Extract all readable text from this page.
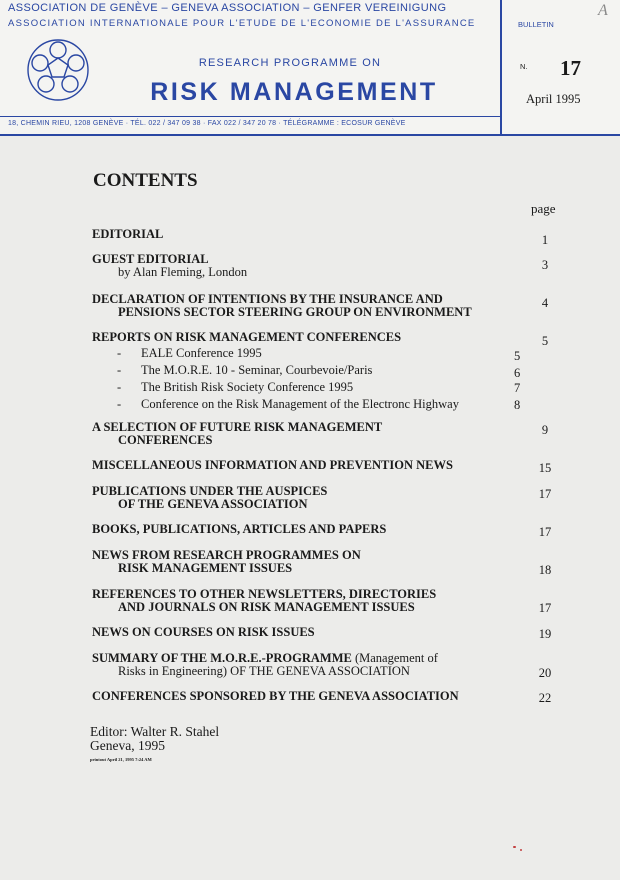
ASSOCIATION DE GENÈVE – GENEVA ASSOCIATION – GENFER VEREINIGUNG
ASSOCIATION INTERNATIONALE POUR L'ETUDE DE L'ECONOMIE DE L'ASSURANCE
RESEARCH PROGRAMME ON
RISK MANAGEMENT
18, CHEMIN RIEU, 1208 GENÈVE · TÉL. 022 / 347 09 38 · FAX 022 / 347 20 78 · TÉLÉGRAMME : ECOSUR GENÈVE
BULLETIN
N. 17
April 1995
A
CONTENTS
page
EDITORIAL	1
GUEST EDITORIAL
by Alan Fleming, London	3
DECLARATION OF INTENTIONS BY THE INSURANCE AND
PENSIONS SECTOR STEERING GROUP ON ENVIRONMENT
4
REPORTS ON RISK MANAGEMENT CONFERENCES	5
- EALE Conference 1995	5
- The M.O.R.E. 10 - Seminar, Courbevoie/Paris	6
- The British Risk Society Conference 1995	7
- Conference on the Risk Management of the Electronc Highway	8
A SELECTION OF FUTURE RISK MANAGEMENT
CONFERENCES
9
MISCELLANEOUS INFORMATION AND PREVENTION NEWS	15
PUBLICATIONS UNDER THE AUSPICES
OF THE GENEVA ASSOCIATION
17
BOOKS, PUBLICATIONS, ARTICLES AND PAPERS	17
NEWS FROM RESEARCH PROGRAMMES ON
RISK MANAGEMENT ISSUES	18
REFERENCES TO OTHER NEWSLETTERS, DIRECTORIES
AND JOURNALS ON RISK MANAGEMENT ISSUES	17
NEWS ON COURSES ON RISK ISSUES	19
SUMMARY OF THE M.O.R.E.-PROGRAMME (Management of
Risks in Engineering) OF THE GENEVA ASSOCIATION	20
CONFERENCES SPONSORED BY THE GENEVA ASSOCIATION	22
Editor: Walter R. Stahel
Geneva, 1995
printout April 21, 1995 7:24 AM
